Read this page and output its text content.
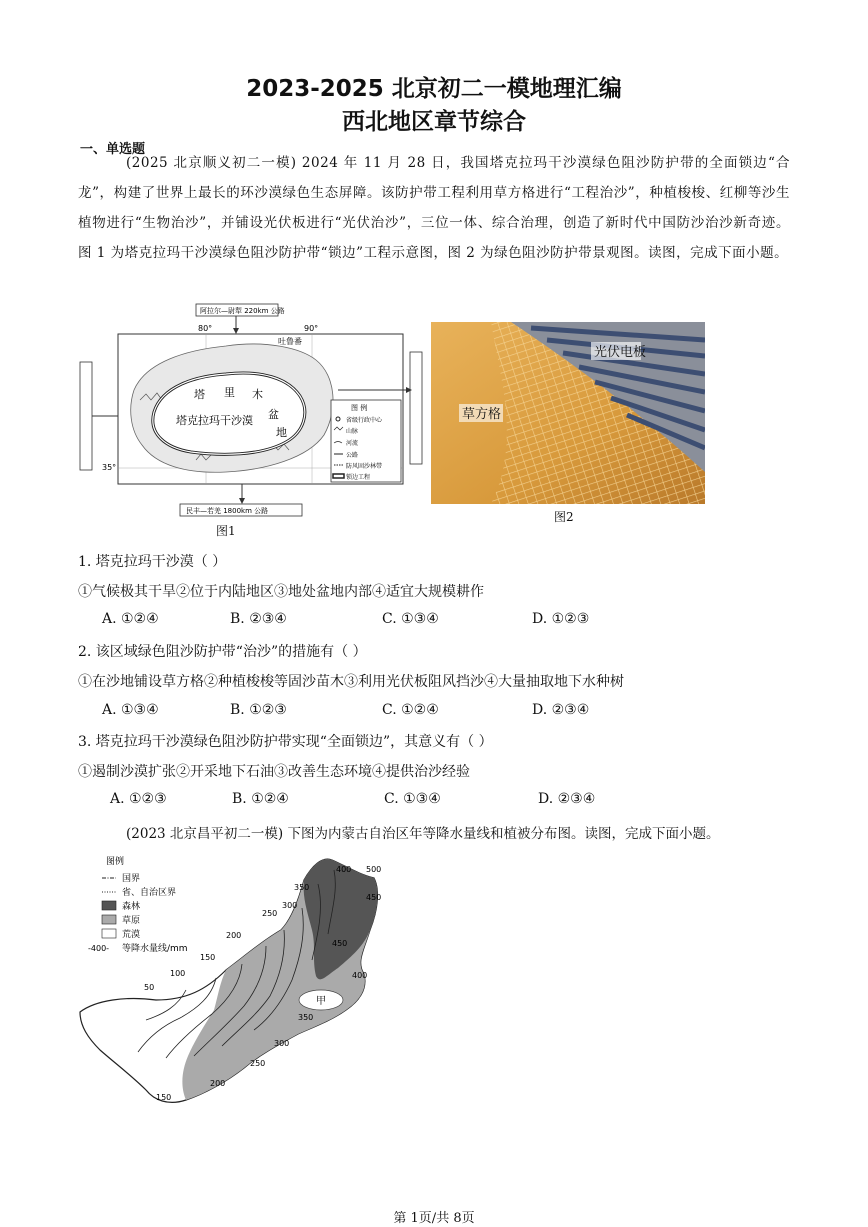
2023-2025 北京初二一模地理汇编
西北地区章节综合
一、单选题
(2025 北京顺义初二一模) 2024 年 11 月 28 日，我国塔克拉玛干沙漠绿色阻沙防护带的全面锁边“合龙”，构建了世界上最长的环沙漠绿色生态屏障。该防护带工程利用草方格进行“工程治沙”，种植梭梭、红柳等沙生植物进行“生物治沙”，并铺设光伏板进行“光伏治沙”，三位一体、综合治理，创造了新时代中国防沙治沙新奇迹。图 1 为塔克拉玛干沙漠绿色阻沙防护带“锁边”工程示意图，图 2 为绿色阻沙防护带景观图。读图，完成下面小题。
阿拉尔—尉犁 220km 公路
80°	90°
吐鲁番
35°
塔克拉玛干沙漠
塔 里 木
盆
地
图 例
省级行政中心
山脉
河流
公路
防风固沙林带
锁边工程
民丰—若羌 1800km 公路
图1
光伏电板
草方格
图2
1. 塔克拉玛干沙漠（ ）
①气候极其干旱②位于内陆地区③地处盆地内部④适宜大规模耕作
A. ①②④	B. ②③④	C. ①③④	D. ①②③
2. 该区域绿色阻沙防护带“治沙”的措施有（ ）
①在沙地铺设草方格②种植梭梭等固沙苗木③利用光伏板阻风挡沙④大量抽取地下水种树
A. ①③④	B. ①②③	C. ①②④	D. ②③④
3. 塔克拉玛干沙漠绿色阻沙防护带实现“全面锁边”，其意义有（ ）
①遏制沙漠扩张②开采地下石油③改善生态环境④提供治沙经验
A. ①②③	B. ①②④	C. ①③④	D. ②③④
(2023 北京昌平初二一模) 下图为内蒙古自治区年等降水量线和植被分布图。读图，完成下面小题。
图例
国界
省、自治区界
森林
草原
荒漠
-400- 等降水量线/mm
甲
500
450
400
350
300
250
200
150
100
50
450
400
350
300
250
200
150
第 1页/共 8页
